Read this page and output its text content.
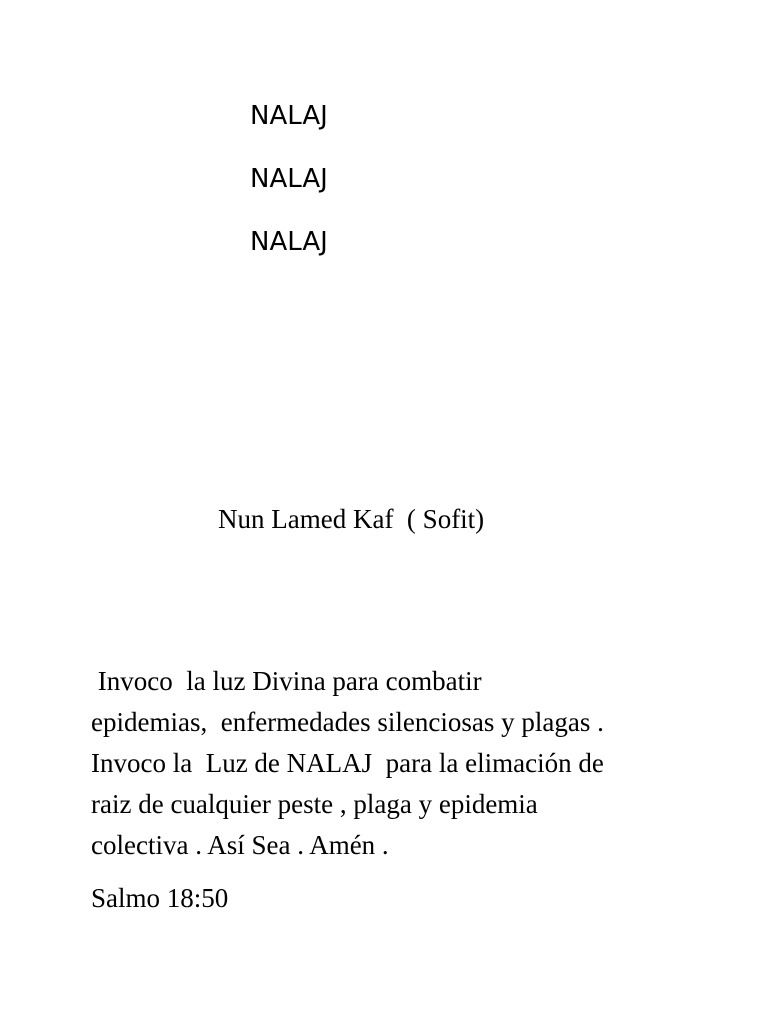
NALAJ
NALAJ
NALAJ
Nun Lamed Kaf  ( Sofit)
Invoco  la luz Divina para combatir
epidemias,  enfermedades silenciosas y plagas .
Invoco la  Luz de NALAJ  para la elimación de
raiz de cualquier peste , plaga y epidemia
colectiva . Así Sea . Amén .
Salmo 18:50
